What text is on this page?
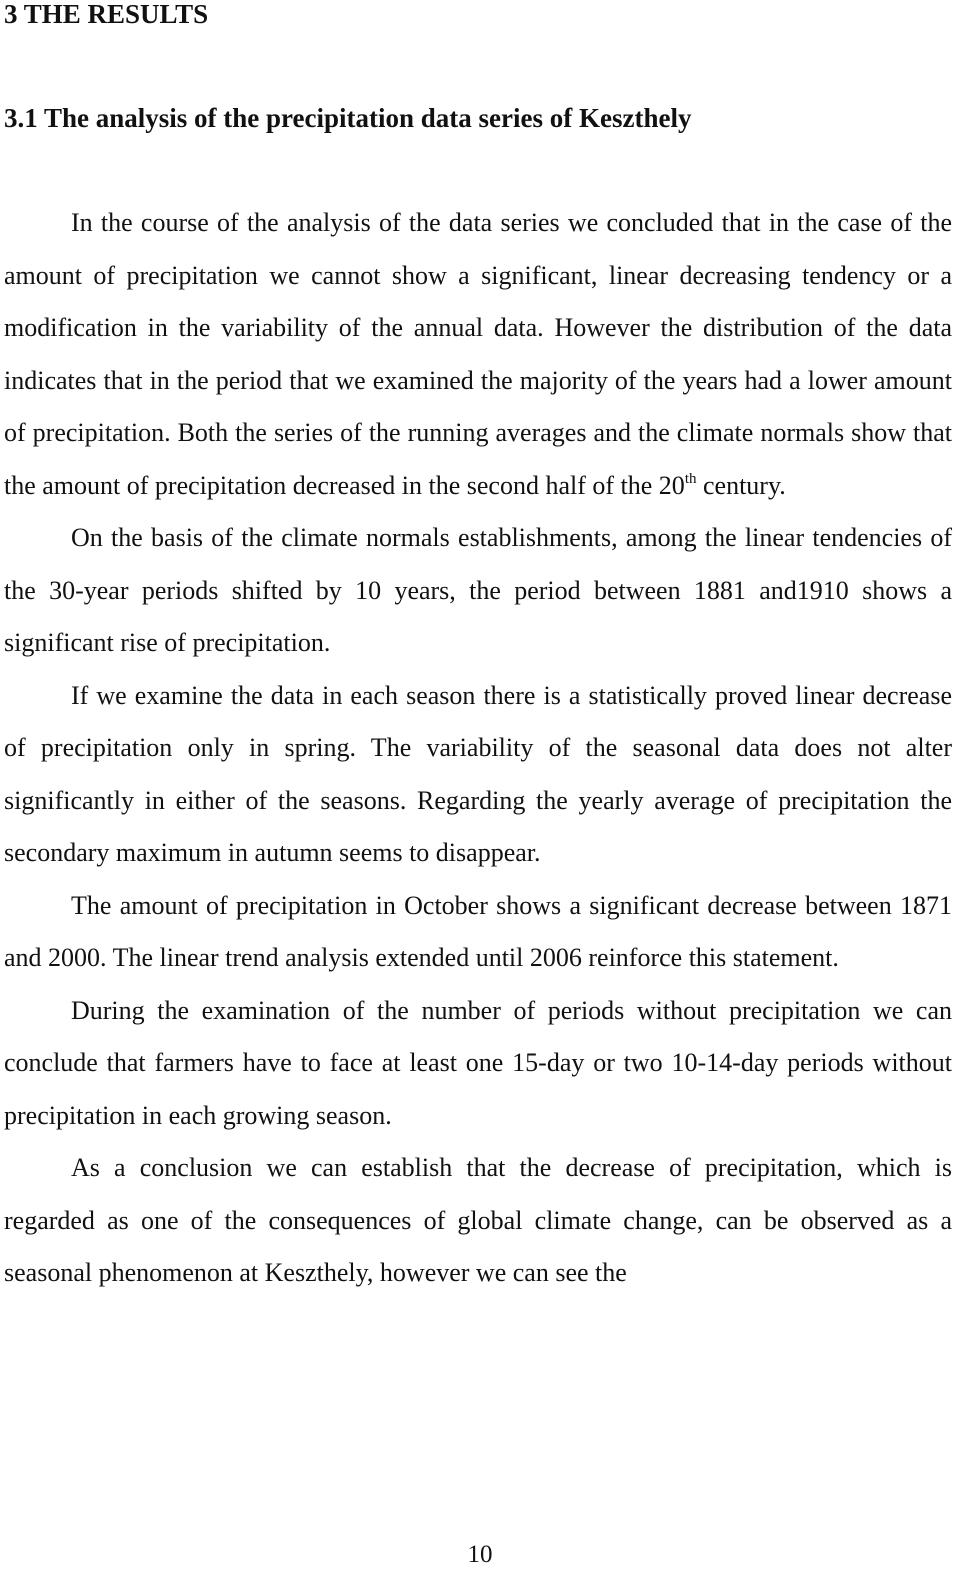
3 THE RESULTS
3.1 The analysis of the precipitation data series of Keszthely

In the course of the analysis of the data series we concluded that in the case of the amount of precipitation we cannot show a significant, linear decreasing tendency or a modification in the variability of the annual data. However the distribution of the data indicates that in the period that we examined the majority of the years had a lower amount of precipitation. Both the series of the running averages and the climate normals show that the amount of precipitation decreased in the second half of the 20th century.

On the basis of the climate normals establishments, among the linear tendencies of the 30-year periods shifted by 10 years, the period between 1881 and1910 shows a significant rise of precipitation.

If we examine the data in each season there is a statistically proved linear decrease of precipitation only in spring. The variability of the seasonal data does not alter significantly in either of the seasons. Regarding the yearly average of precipitation the secondary maximum in autumn seems to disappear.

The amount of precipitation in October shows a significant decrease between 1871 and 2000. The linear trend analysis extended until 2006 reinforce this statement.

During the examination of the number of periods without precipitation we can conclude that farmers have to face at least one 15-day or two 10-14-day periods without precipitation in each growing season.

As a conclusion we can establish that the decrease of precipitation, which is regarded as one of the consequences of global climate change, can be observed as a seasonal phenomenon at Keszthely, however we can see the

10
